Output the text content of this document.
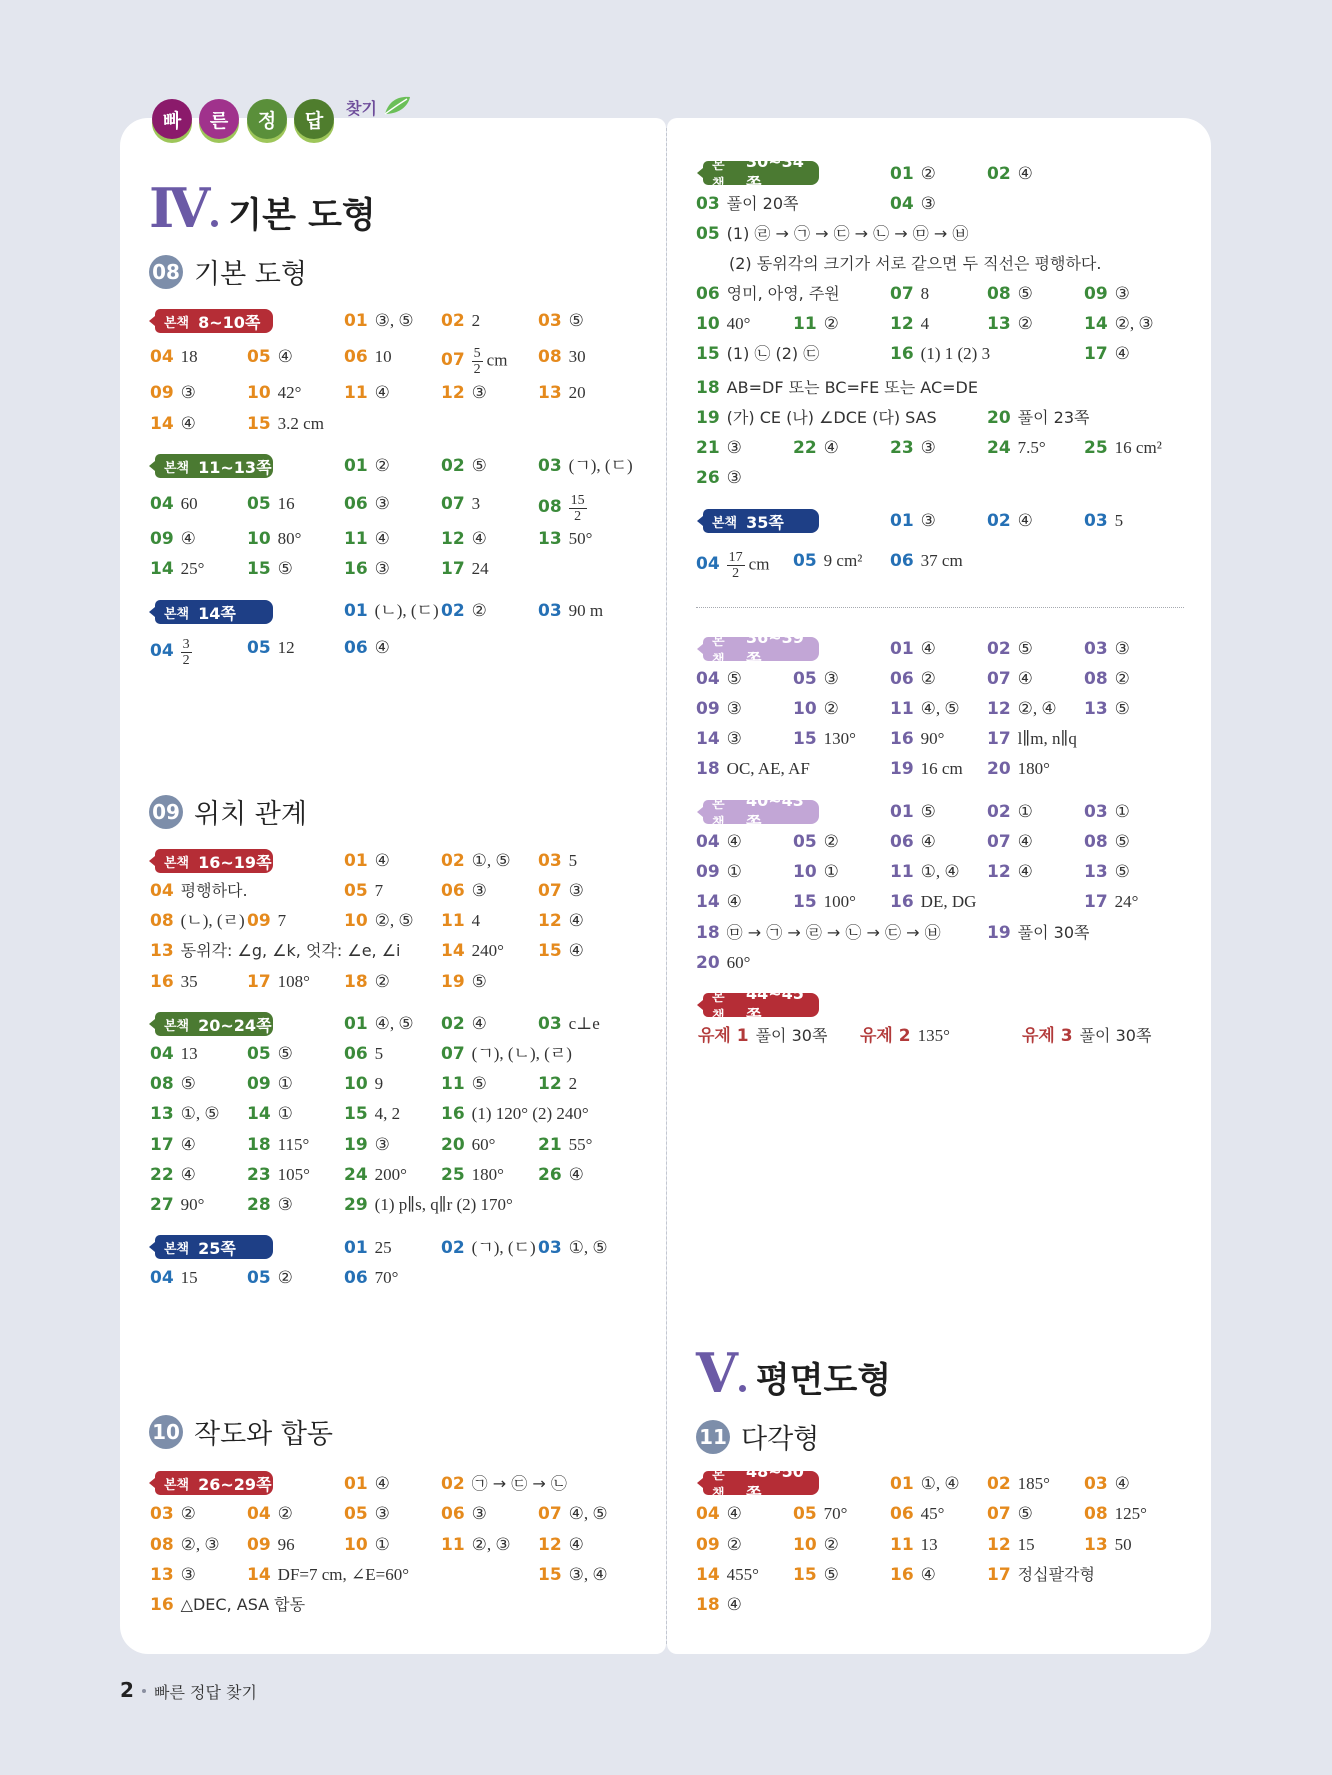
빠	른	정	답
찾기
Ⅳ 기본 도형
08 기본 도형
본책 8~10쪽
본책 11~13쪽
본책 14쪽
09 위치 관계
본책 16~19쪽
본책 20~24쪽
본책 25쪽
10 작도와 합동
본책 26~29쪽
본책
30~34쪽
본책 35쪽
본책
36~39쪽
본책
40~43쪽
본책
44~45쪽
Ⅴ 평면도형
11 다각형
본책
48~50쪽
01 ③, ⑤ 02 2	03 ⑤
04 18	05 ④	06 10	$07 \frac{5}{2}$ cm 08 30
09 ③	10 42°	11 ④	12 ③	13 20
14 ④	15 3.2 cm
01 ②	02 ⑤	03 (ㄱ), (ㄷ)
04 60	05 16	06 ③	07 3	$08 \frac{15}{2}$
09 ④	10 80°	11 ④	12 ④	13 50°
14 25°	15 ⑤	16 ③	17 24
01 (ㄴ), (ㄷ) 02 ②	03 90 m
$04 \frac{3}{2}$	05 12	06 ④
01 ④	02 ①, ⑤ 03 5
04 평행하다.	05 7	06 ③	07 ③
08 (ㄴ), (ㄹ) 09 7	10 ②, ⑤ 11 4	12 ④
13 동위각: ∠g, ∠k, 엇각: ∠e, ∠i 14 240° 15 ④
16 35	17 108° 18 ②	19 ⑤
01 ④, ⑤ 02 ④	03 c⊥e
04 13	05 ⑤	06 5	07 (ㄱ), (ㄴ), (ㄹ)
08 ⑤	09 ①	10 9	11 ⑤	12 2
13 ①, ⑤ 14 ①	15 4, 2 16 (1) 120° (2) 240°
17 ④	18 115° 19 ③	20 60°	21 55°
22 ④	23 105° 24 200° 25 180° 26 ④
27 90°	28 ③	29 (1) p∥s, q∥r (2) 170°
01 25	02 (ㄱ), (ㄷ) 03 ①, ⑤
04 15	05 ②	06 70°
01 ④	02 ㉠ → ㉢ → ㉡
03 ②	04 ②	05 ③	06 ③	07 ④, ⑤
08 ②, ③ 09 96	10 ①	11 ②, ③ 12 ④
13 ③	14 DF=7 cm, ∠E=60°	15 ③, ④
16 △DEC, ASA 합동
01 ②	02 ④
03 풀이 20쪽	04 ③
05 (1) ㉣ → ㉠ → ㉢ → ㉡ → ㉤ → ㉥
(2) 동위각의 크기가 서로 같으면 두 직선은 평행하다.
06 영미, 아영, 주원	07 8	08 ⑤	09 ③
10 40°	11 ②	12 4	13 ②	14 ②, ③
15 (1) ㉡ (2) ㉢	16 (1) 1 (2) 3	17 ④
18 AB=DF 또는 BC=FE 또는 AC=DE
19 (가) CE (나) ∠DCE (다) SAS	20 풀이 23쪽
21 ③	22 ④	23 ③	24 7.5° 25 16 cm²
26 ③
01 ③	02 ④	03 5
$04 \frac{17}{2}$ cm 05 9 cm² 06 37 cm
01 ④	02 ⑤	03 ③
04 ⑤	05 ③	06 ②	07 ④	08 ②
09 ③	10 ②	11 ④, ⑤ 12 ②, ④ 13 ⑤
14 ③	15 130° 16 90°	17 l∥m, n∥q
18 OC, AE, AF	19 16 cm 20 180°
01 ⑤	02 ①	03 ①
04 ④	05 ②	06 ④	07 ④	08 ⑤
09 ①	10 ①	11 ①, ④ 12 ④	13 ⑤
14 ④	15 100° 16 DE, DG	17 24°
18 ㉤ → ㉠ → ㉣ → ㉡ → ㉢ → ㉥	19 풀이 30쪽
20 60°
유제 1 풀이 30쪽 유제 2 135°	유제 3 풀이 30쪽
01 ①, ④ 02 185° 03 ④
04 ④	05 70°	06 45°	07 ⑤	08 125°
09 ②	10 ②	11 13	12 15	13 50
14 455° 15 ⑤	16 ④	17 정십팔각형
18 ④
2 빠른 정답 찾기
